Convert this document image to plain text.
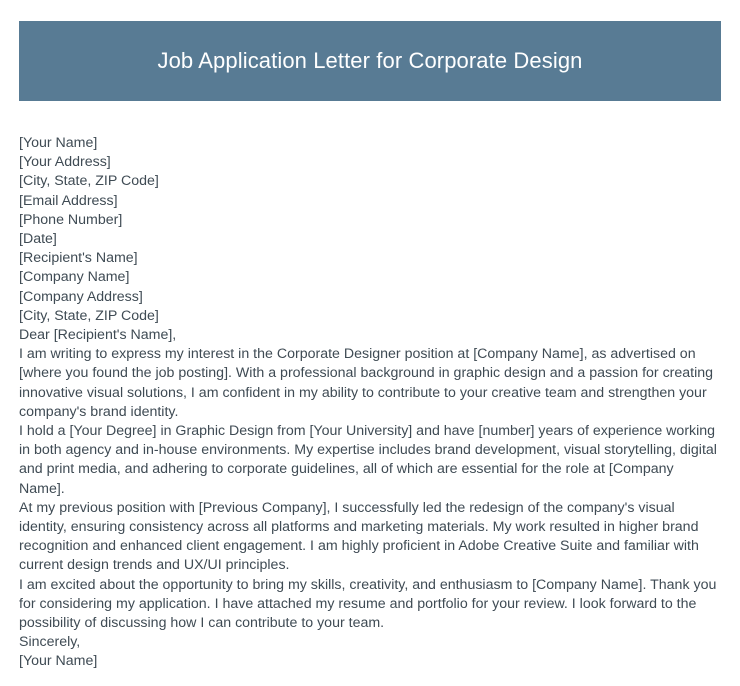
Job Application Letter for Corporate Design
[Your Name]
[Your Address]
[City, State, ZIP Code]
[Email Address]
[Phone Number]
[Date]
[Recipient's Name]
[Company Name]
[Company Address]
[City, State, ZIP Code]
Dear [Recipient's Name],

I am writing to express my interest in the Corporate Designer position at [Company Name], as advertised on [where you found the job posting]. With a professional background in graphic design and a passion for creating innovative visual solutions, I am confident in my ability to contribute to your creative team and strengthen your company's brand identity.

I hold a [Your Degree] in Graphic Design from [Your University] and have [number] years of experience working in both agency and in-house environments. My expertise includes brand development, visual storytelling, digital and print media, and adhering to corporate guidelines, all of which are essential for the role at [Company Name].

At my previous position with [Previous Company], I successfully led the redesign of the company's visual identity, ensuring consistency across all platforms and marketing materials. My work resulted in higher brand recognition and enhanced client engagement. I am highly proficient in Adobe Creative Suite and familiar with current design trends and UX/UI principles.

I am excited about the opportunity to bring my skills, creativity, and enthusiasm to [Company Name]. Thank you for considering my application. I have attached my resume and portfolio for your review. I look forward to the possibility of discussing how I can contribute to your team.

Sincerely,
[Your Name]
